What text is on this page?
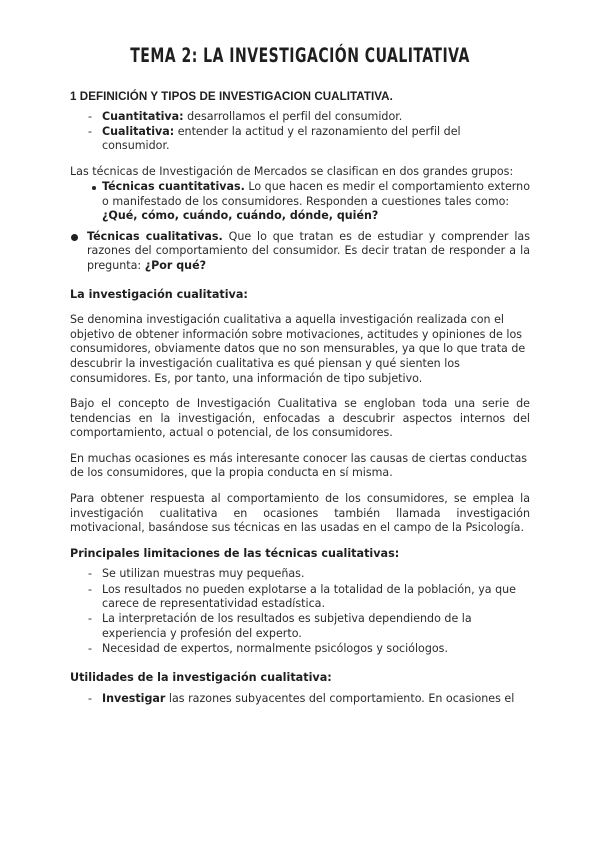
TEMA 2: LA INVESTIGACIÓN CUALITATIVA
1 DEFINICIÓN Y TIPOS DE INVESTIGACION CUALITATIVA.
- Cuantitativa: desarrollamos el perfil del consumidor.
- Cualitativa: entender la actitud y el razonamiento del perfil del consumidor.

Las técnicas de Investigación de Mercados se clasifican en dos grandes grupos:

Técnicas cuantitativas. Lo que hacen es medir el comportamiento externo o manifestado de los consumidores. Responden a cuestiones tales como: ¿Qué, cómo, cuándo, cuándo, dónde, quién?
Técnicas cualitativas. Que lo que tratan es de estudiar y comprender las razones del comportamiento del consumidor. Es decir tratan de responder a la pregunta: ¿Por qué?
La investigación cualitativa:

Se denomina investigación cualitativa a aquella investigación realizada con el objetivo de obtener información sobre motivaciones, actitudes y opiniones de los consumidores, obviamente datos que no son mensurables, ya que lo que trata de descubrir la investigación cualitativa es qué piensan y qué sienten los consumidores. Es, por tanto, una información de tipo subjetivo.

Bajo el concepto de Investigación Cualitativa se engloban toda una serie de tendencias en la investigación, enfocadas a descubrir aspectos internos del comportamiento, actual o potencial, de los consumidores.

En muchas ocasiones es más interesante conocer las causas de ciertas conductas de los consumidores, que la propia conducta en sí misma.

Para obtener respuesta al comportamiento de los consumidores, se emplea la investigación cualitativa en ocasiones también llamada investigación motivacional, basándose sus técnicas en las usadas en el campo de la Psicología.

Principales limitaciones de las técnicas cualitativas:
- Se utilizan muestras muy pequeñas.
- Los resultados no pueden explotarse a la totalidad de la población, ya que carece de representatividad estadística.
- La interpretación de los resultados es subjetiva dependiendo de la experiencia y profesión del experto.
- Necesidad de expertos, normalmente psicólogos y sociólogos.
Utilidades de la investigación cualitativa:
- Investigar las razones subyacentes del comportamiento. En ocasiones el
